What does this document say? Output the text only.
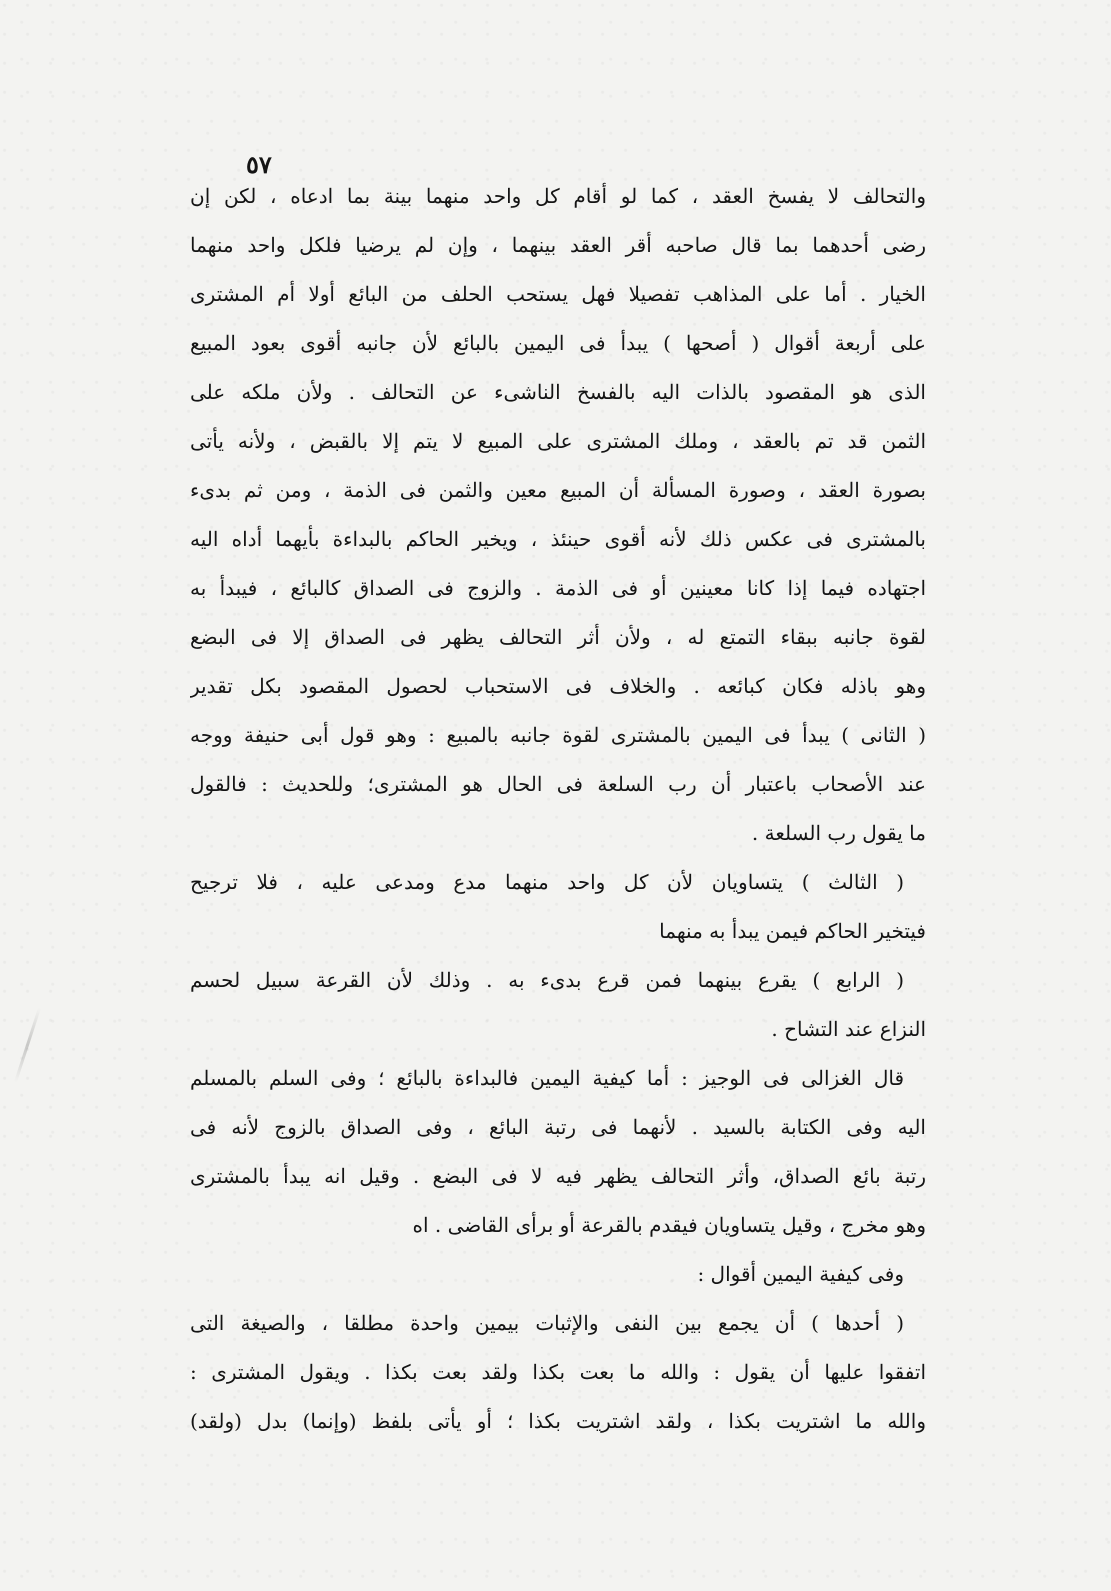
٥٧
والتحالف لا يفسخ العقد ، كما لو أقام كل واحد منهما بينة بما ادعاه ، لكن إن
رضى أحدهما بما قال صاحبه أقر العقد بينهما ، وإن لم يرضيا فلكل واحد منهما
الخيار . أما على المذاهب تفصيلا فهل يستحب الحلف من البائع أولا أم المشترى
على أربعة أقوال ( أصحها ) يبدأ فى اليمين بالبائع لأن جانبه أقوى بعود المبيع
الذى هو المقصود بالذات اليه بالفسخ الناشىء عن التحالف . ولأن ملكه على
الثمن قد تم بالعقد ، وملك المشترى على المبيع لا يتم إلا بالقبض ، ولأنه يأتى
بصورة العقد ، وصورة المسألة أن المبيع معين والثمن فى الذمة ، ومن ثم بدىء
بالمشترى فى عكس ذلك لأنه أقوى حينئذ ، ويخير الحاكم بالبداءة بأيهما أداه اليه
اجتهاده فيما إذا كانا معينين أو فى الذمة . والزوج فى الصداق كالبائع ، فيبدأ به
لقوة جانبه ببقاء التمتع له ، ولأن أثر التحالف يظهر فى الصداق إلا فى البضع
وهو باذله فكان كبائعه . والخلاف فى الاستحباب لحصول المقصود بكل تقدير
( الثانى ) يبدأ فى اليمين بالمشترى لقوة جانبه بالمبيع : وهو قول أبى حنيفة ووجه
عند الأصحاب باعتبار أن رب السلعة فى الحال هو المشترى؛ وللحديث : فالقول
ما يقول رب السلعة .
( الثالث ) يتساويان لأن كل واحد منهما مدع ومدعى عليه ، فلا ترجيح
فيتخير الحاكم فيمن يبدأ به منهما
( الرابع ) يقرع بينهما فمن قرع بدىء به . وذلك لأن القرعة سبيل لحسم
النزاع عند التشاح .
قال الغزالى فى الوجيز : أما كيفية اليمين فالبداءة بالبائع ؛ وفى السلم بالمسلم
اليه وفى الكتابة بالسيد . لأنهما فى رتبة البائع ، وفى الصداق بالزوج لأنه فى
رتبة بائع الصداق، وأثر التحالف يظهر فيه لا فى البضع . وقيل انه يبدأ بالمشترى
وهو مخرج ، وقيل يتساويان فيقدم بالقرعة أو برأى القاضى . اه
وفى كيفية اليمين أقوال :
( أحدها ) أن يجمع بين النفى والإثبات بيمين واحدة مطلقا ، والصيغة التى
اتفقوا عليها أن يقول : والله ما بعت بكذا ولقد بعت بكذا . ويقول المشترى :
والله ما اشتريت بكذا ، ولقد اشتريت بكذا ؛ أو يأتى بلفظ (وإنما) بدل (ولقد)
